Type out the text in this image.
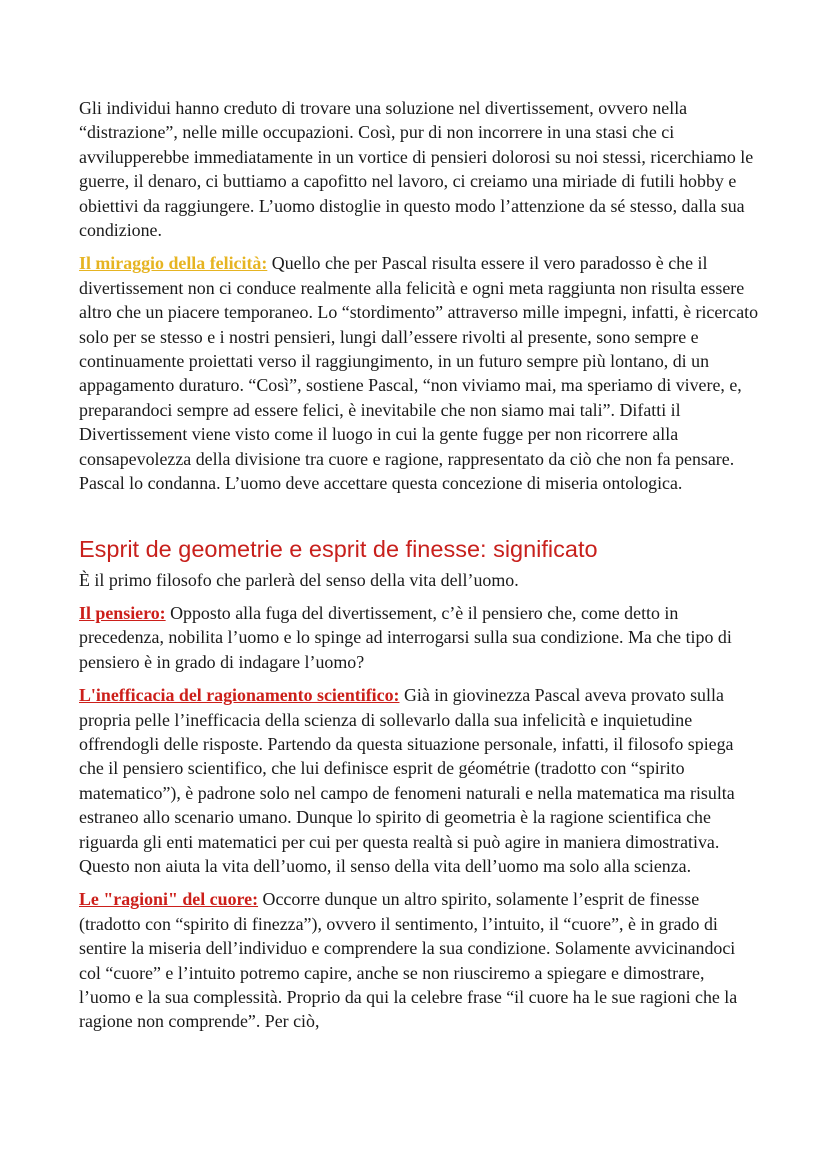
Gli individui hanno creduto di trovare una soluzione nel divertissement, ovvero nella “distrazione”, nelle mille occupazioni. Così, pur di non incorrere in una stasi che ci avvilupperebbe immediatamente in un vortice di pensieri dolorosi su noi stessi, ricerchiamo le guerre, il denaro, ci buttiamo a capofitto nel lavoro, ci creiamo una miriade di futili hobby e obiettivi da raggiungere. L’uomo distoglie in questo modo l’attenzione da sé stesso, dalla sua condizione.

Il miraggio della felicità: Quello che per Pascal risulta essere il vero paradosso è che il divertissement non ci conduce realmente alla felicità e ogni meta raggiunta non risulta essere altro che un piacere temporaneo. Lo “stordimento” attraverso mille impegni, infatti, è ricercato solo per se stesso e i nostri pensieri, lungi dall’essere rivolti al presente, sono sempre e continuamente proiettati verso il raggiungimento, in un futuro sempre più lontano, di un appagamento duraturo. “Così”, sostiene Pascal, “non viviamo mai, ma speriamo di vivere, e, preparandoci sempre ad essere felici, è inevitabile che non siamo mai tali”. Difatti il Divertissement viene visto come il luogo in cui la gente fugge per non ricorrere alla consapevolezza della divisione tra cuore e ragione, rappresentato da ciò che non fa pensare. Pascal lo condanna. L’uomo deve accettare questa concezione di miseria ontologica.

Esprit de geometrie e esprit de finesse: significato

È il primo filosofo che parlerà del senso della vita dell’uomo.

Il pensiero: Opposto alla fuga del divertissement, c’è il pensiero che, come detto in precedenza, nobilita l’uomo e lo spinge ad interrogarsi sulla sua condizione. Ma che tipo di pensiero è in grado di indagare l’uomo?

L'inefficacia del ragionamento scientifico: Già in giovinezza Pascal aveva provato sulla propria pelle l’inefficacia della scienza di sollevarlo dalla sua infelicità e inquietudine offrendogli delle risposte. Partendo da questa situazione personale, infatti, il filosofo spiega che il pensiero scientifico, che lui definisce esprit de géométrie (tradotto con “spirito matematico”), è padrone solo nel campo de fenomeni naturali e nella matematica ma risulta estraneo allo scenario umano. Dunque lo spirito di geometria è la ragione scientifica che riguarda gli enti matematici per cui per questa realtà si può agire in maniera dimostrativa. Questo non aiuta la vita dell’uomo, il senso della vita dell’uomo ma solo alla scienza.

Le "ragioni" del cuore: Occorre dunque un altro spirito, solamente l’esprit de finesse (tradotto con “spirito di finezza”), ovvero il sentimento, l’intuito, il “cuore”, è in grado di sentire la miseria dell’individuo e comprendere la sua condizione. Solamente avvicinandoci col “cuore” e l’intuito potremo capire, anche se non riusciremo a spiegare e dimostrare, l’uomo e la sua complessità. Proprio da qui la celebre frase “il cuore ha le sue ragioni che la ragione non comprende”. Per ciò,
